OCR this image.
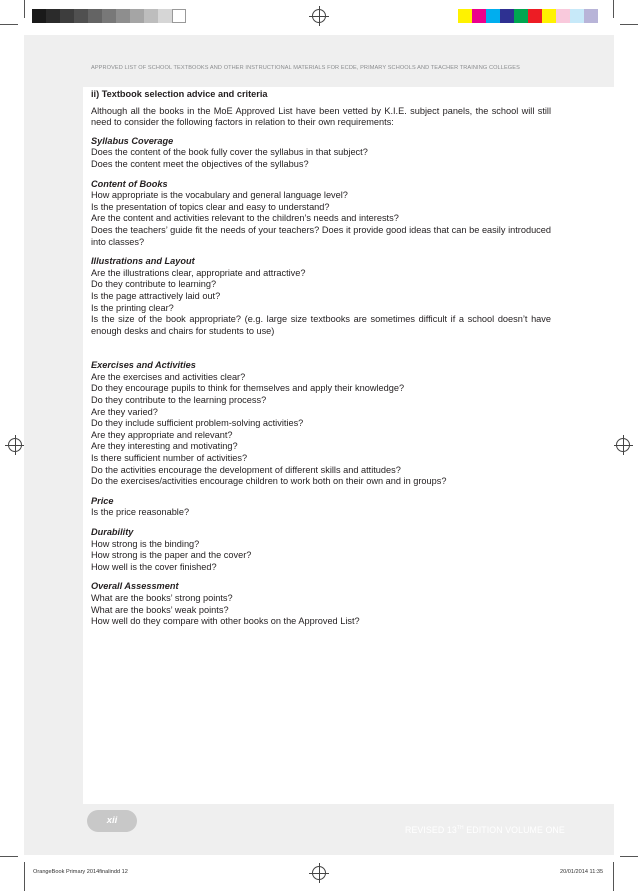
APPROVED LIST OF SCHOOL TEXTBOOKS AND OTHER INSTRUCTIONAL MATERIALS FOR ECDE, PRIMARY SCHOOLS AND TEACHER TRAINING COLLEGES

ii) Textbook selection advice and criteria

Although all the books in the MoE Approved List have been vetted by K.I.E. subject panels, the school will still need to consider the following factors in relation to their own requirements:

Syllabus Coverage

Does the content of the book fully cover the syllabus in that subject?

Does the content meet the objectives of the syllabus?

Content of Books

How appropriate is the vocabulary and general language level?

Is the presentation of topics clear and easy to understand?

Are the content and activities relevant to the children’s needs and interests?

Does the teachers’ guide fit the needs of your teachers? Does it provide good ideas that can be easily introduced into classes?

Illustrations and Layout

Are the illustrations clear, appropriate and attractive?

Do they contribute to learning?

Is the page attractively laid out?

Is the printing clear?

Is the size of the book appropriate? (e.g. large size textbooks are sometimes difficult if a school doesn’t have enough desks and chairs for students to use)

Exercises and Activities

Are the exercises and activities clear?

Do they encourage pupils to think for themselves and apply their knowledge?

Do they contribute to the learning process?

Are they varied?

Do they include sufficient problem-solving activities?

Are they appropriate and relevant?

Are they interesting and motivating?

Is there sufficient number of activities?

Do the activities encourage the development of different skills and attitudes?

Do the exercises/activities encourage children to work both on their own and in groups?

Price

Is the price reasonable?

Durability

How strong is the binding?

How strong is the paper and the cover?

How well is the cover finished?

Overall Assessment

What are the books’ strong points?

What are the books’ weak points?

How well do they compare with other books on the Approved List?

xii
REVISED 13TH EDITION VOLUME ONE
OrangeBook Primary 2014finalindd 12	20/01/2014 11:35
